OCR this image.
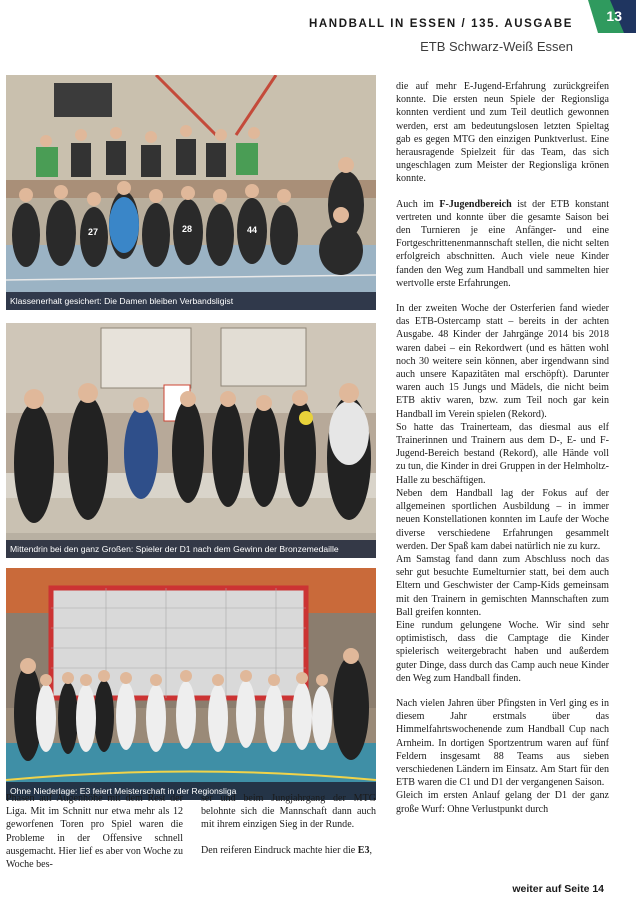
HANDBALL IN ESSEN / 135. AUSGABE
ETB Schwarz-Weiß Essen
13
27	28	44
Klassenerhalt gesichert: Die Damen bleiben Verbandsligist
Mittendrin bei den ganz Großen: Spieler der D1 nach dem Gewinn der Bronzemedaille
Ohne Niederlage: E3 feiert Meisterschaft in der Regionsliga

die auf mehr E-Jugend-Erfahrung zurückgreifen konnte. Die ersten neun Spiele der Regionsliga konnten verdient und zum Teil deutlich gewonnen werden, erst am bedeutungslosen letzten Spieltag gab es gegen MTG den einzigen Punktverlust. Eine herausragende Spielzeit für das Team, das sich ungeschlagen zum Meister der Regionsliga krönen konnte.

Auch im F-Jugendbereich ist der ETB konstant vertreten und konnte über die gesamte Saison bei den Turnieren je eine Anfänger- und eine Fortgeschrittenenmannschaft stellen, die nicht selten erfolgreich abschnitten. Auch viele neue Kinder fanden den Weg zum Handball und sammelten hier wertvolle erste Erfahrungen.

In der zweiten Woche der Osterferien fand wieder das ETB-Ostercamp statt – bereits in der achten Ausgabe. 48 Kinder der Jahrgänge 2014 bis 2018 waren dabei – ein Rekordwert (und es hätten wohl noch 30 weitere sein können, aber irgendwann sind auch unsere Kapazitäten mal erschöpft). Darunter waren auch 15 Jungs und Mädels, die nicht beim ETB aktiv waren, bzw. zum Teil noch gar kein Handball im Verein spielen (Rekord).

So hatte das Trainerteam, das diesmal aus elf Trainerinnen und Trainern aus dem D-, E- und F-Jugend-Bereich bestand (Rekord), alle Hände voll zu tun, die Kinder in drei Gruppen in der Helmholtz-Halle zu beschäftigen.

Neben dem Handball lag der Fokus auf der allgemeinen sportlichen Ausbildung – in immer neuen Konstellationen konnten im Laufe der Woche diverse verschiedene Erfahrungen gesammelt werden. Der Spaß kam dabei natürlich nie zu kurz.

Am Samstag fand dann zum Abschluss noch das sehr gut besuchte Eumelturnier statt, bei dem auch Eltern und Geschwister der Camp-Kids gemeinsam mit den Trainern in gemischten Mannschaften zum Ball greifen konnten.

Eine rundum gelungene Woche. Wir sind sehr optimistisch, dass die Camptage die Kinder spielerisch weitergebracht haben und außerdem guter Dinge, dass durch das Camp auch neue Kinder den Weg zum Handball finden.

Nach vielen Jahren über Pfingsten in Verl ging es in diesem Jahr erstmals über das Himmelfahrtswochenende zum Handball Cup nach Arnheim. In dortigen Sportzentrum waren auf fünf Feldern insgesamt 88 Teams aus sieben verschiedenen Ländern im Einsatz. Am Start für den ETB waren die C1 und D1 der vergangenen Saison.

Gleich im ersten Anlauf gelang der D1 der ganz große Wurf: Ohne Verlustpunkt durch

Phasen auf Augenhöhe mit dem Rest der Liga. Mit im Schnitt nur etwa mehr als 12 geworfenen Toren pro Spiel waren die Probleme in der Offensive schnell ausgemacht. Hier lief es aber von Woche zu Woche bes-

ser und beim Jungjahrgang der MTG belohnte sich die Mannschaft dann auch mit ihrem einzigen Sieg in der Runde.

Den reiferen Eindruck machte hier die E3,

weiter auf Seite 14
